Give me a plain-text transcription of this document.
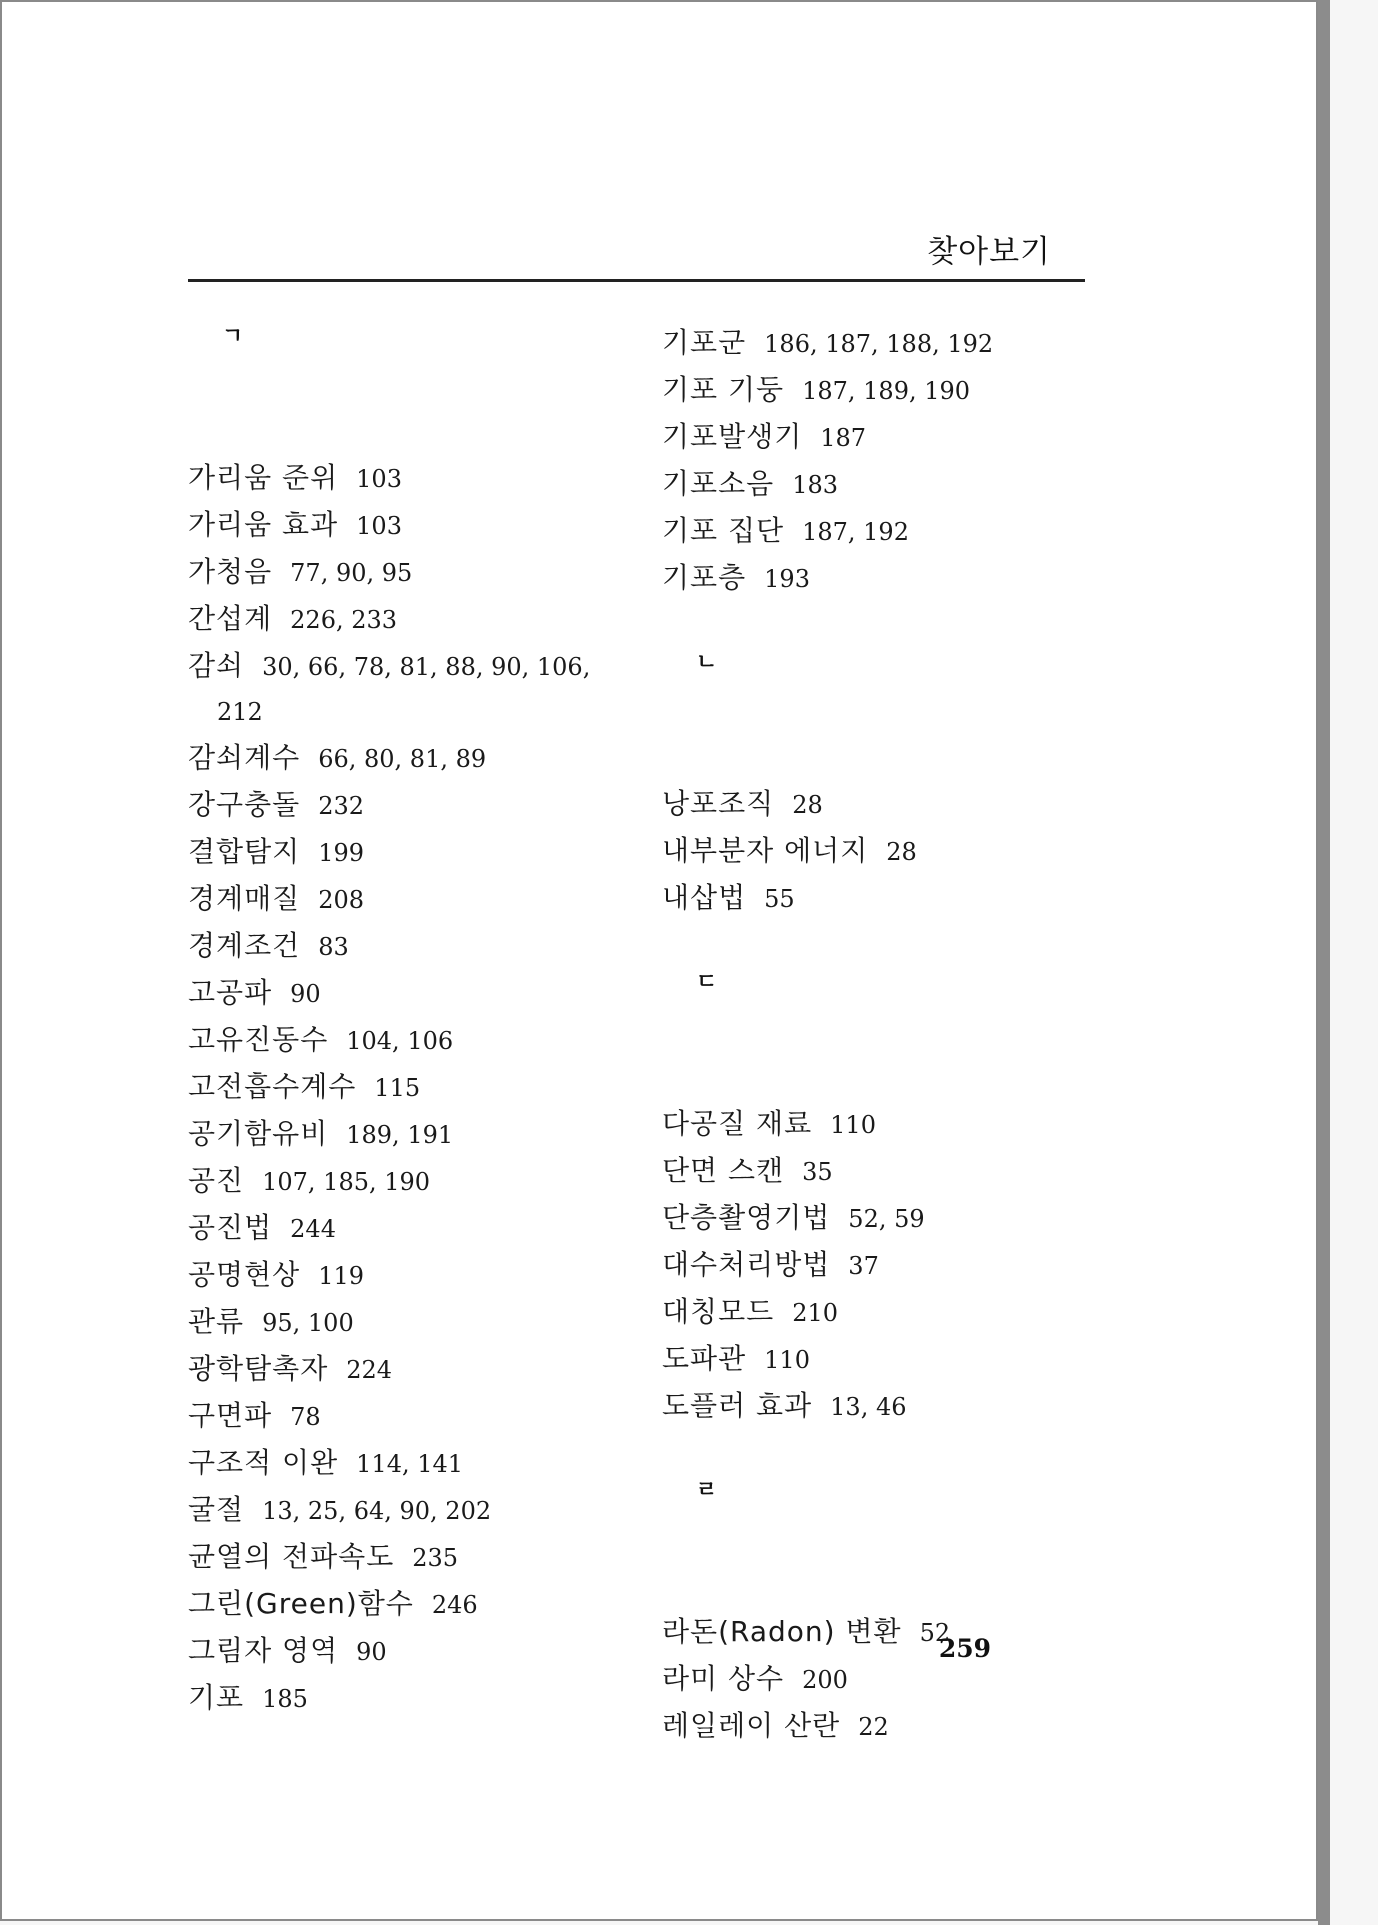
찾아보기
ㄱ
가리움 준위 103
가리움 효과 103
가청음 77, 90, 95
간섭계 226, 233
감쇠 30, 66, 78, 81, 88, 90, 106,
212
감쇠계수 66, 80, 81, 89
강구충돌 232
결합탐지 199
경계매질 208
경계조건 83
고공파 90
고유진동수 104, 106
고전흡수계수 115
공기함유비 189, 191
공진 107, 185, 190
공진법 244
공명현상 119
관류 95, 100
광학탐촉자 224
구면파 78
구조적 이완 114, 141
굴절 13, 25, 64, 90, 202
균열의 전파속도 235
그린(Green)함수 246
그림자 영역 90
기포 185
기포군 186, 187, 188, 192
기포 기둥 187, 189, 190
기포발생기 187
기포소음 183
기포 집단 187, 192
기포층 193
ㄴ
낭포조직 28
내부분자 에너지 28
내삽법 55
ㄷ
다공질 재료 110
단면 스캔 35
단층촬영기법 52, 59
대수처리방법 37
대칭모드 210
도파관 110
도플러 효과 13, 46
ㄹ
라돈(Radon) 변환 52
라미 상수 200
레일레이 산란 22
259
